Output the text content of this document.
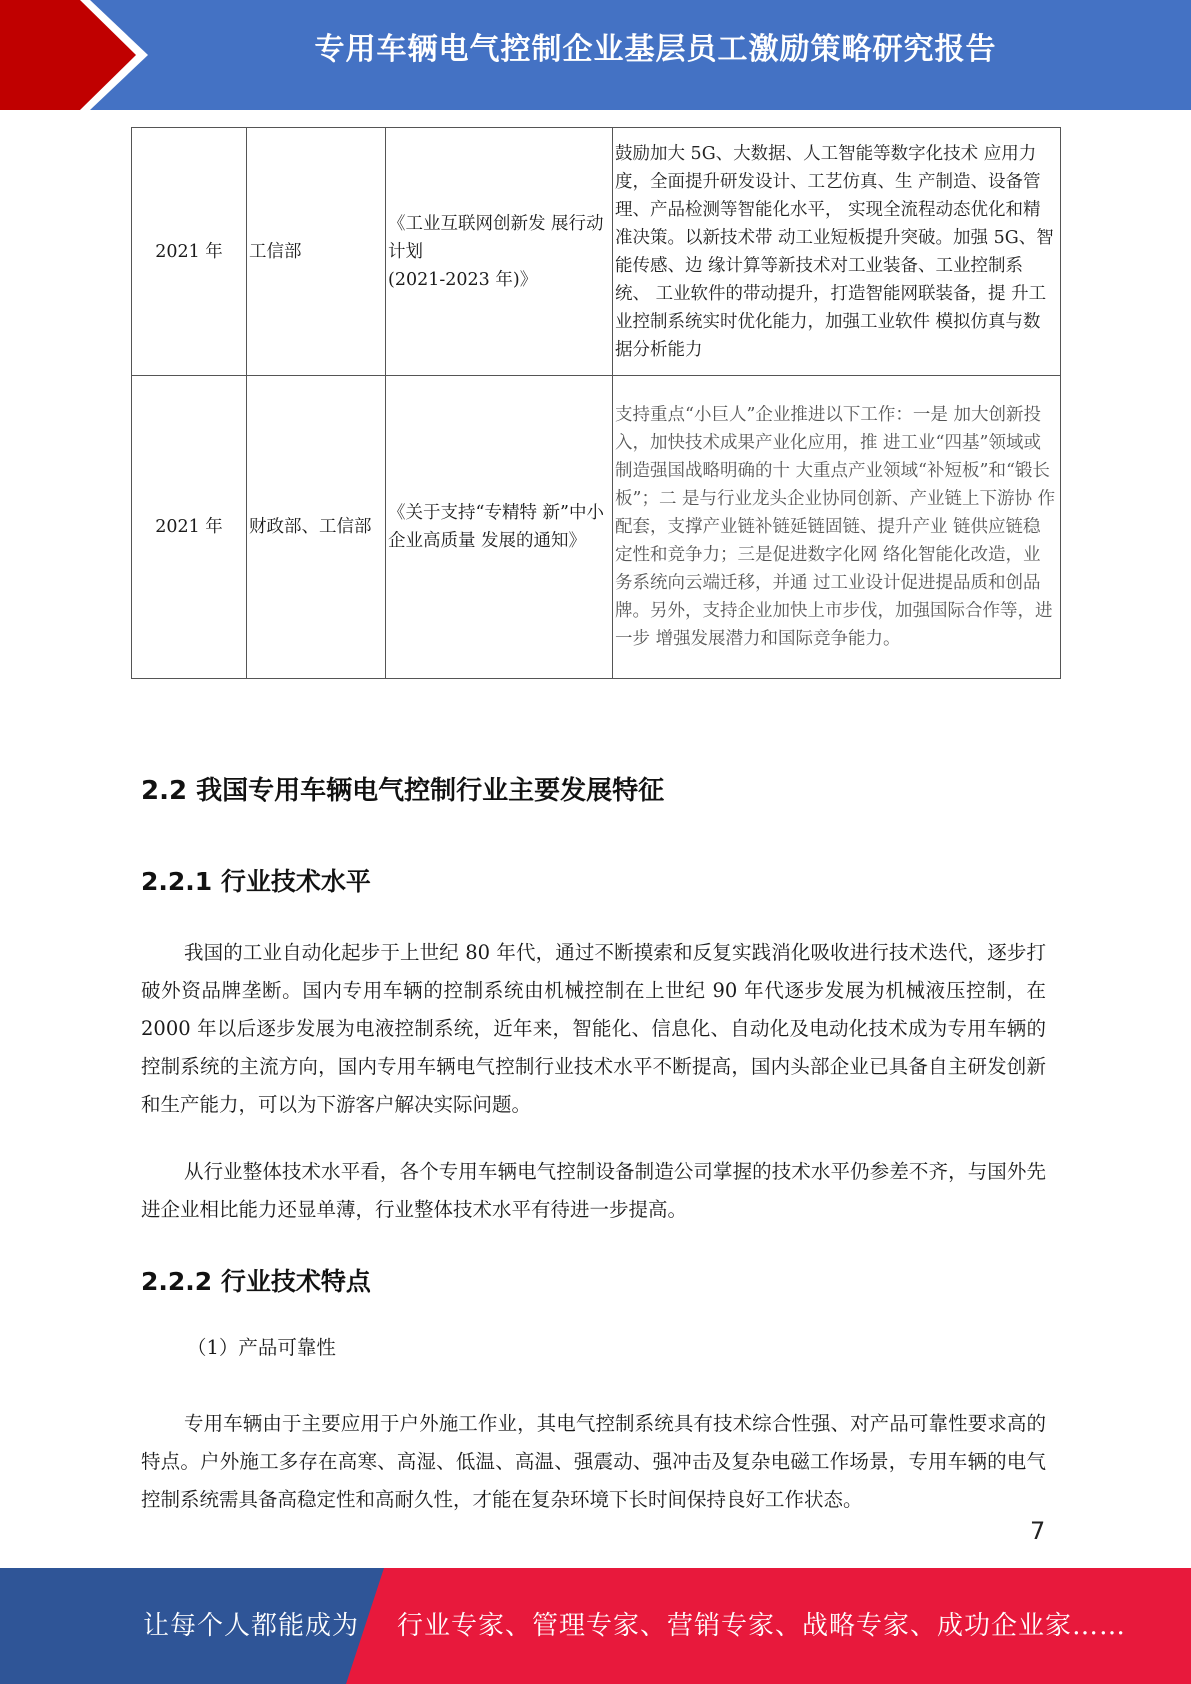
专用车辆电气控制企业基层员工激励策略研究报告
2021 年	工信部	《工业互联网创新发 展行动计划
(2021-2023 年)》	鼓励加大 5G、大数据、人工智能等数字化技术 应用力度，全面提升研发设计、工艺仿真、生 产制造、设备管理、产品检测等智能化水平， 实现全流程动态优化和精准决策。以新技术带 动工业短板提升突破。加强 5G、智能传感、边 缘计算等新技术对工业装备、工业控制系统、 工业软件的带动提升，打造智能网联装备，提 升工业控制系统实时优化能力，加强工业软件 模拟仿真与数据分析能力
2021 年	财政部、工信部	《关于支持“专精特 新”中小企业高质量 发展的通知》	支持重点“小巨人”企业推进以下工作：一是 加大创新投入，加快技术成果产业化应用，推 进工业“四基”领域或制造强国战略明确的十 大重点产业领域“补短板”和“锻长板”；二 是与行业龙头企业协同创新、产业链上下游协 作配套，支撑产业链补链延链固链、提升产业 链供应链稳定性和竞争力；三是促进数字化网 络化智能化改造，业务系统向云端迁移，并通 过工业设计促进提品质和创品牌。另外，支持企业加快上市步伐，加强国际合作等，进一步 增强发展潜力和国际竞争能力。
2.2 我国专用车辆电气控制行业主要发展特征
2.2.1 行业技术水平

我国的工业自动化起步于上世纪 80 年代，通过不断摸索和反复实践消化吸收进行技术迭代，逐步打破外资品牌垄断。国内专用车辆的控制系统由机械控制在上世纪 90 年代逐步发展为机械液压控制，在 2000 年以后逐步发展为电液控制系统，近年来，智能化、信息化、自动化及电动化技术成为专用车辆的控制系统的主流方向，国内专用车辆电气控制行业技术水平不断提高，国内头部企业已具备自主研发创新和生产能力，可以为下游客户解决实际问题。

从行业整体技术水平看，各个专用车辆电气控制设备制造公司掌握的技术水平仍参差不齐，与国外先进企业相比能力还显单薄，行业整体技术水平有待进一步提高。

2.2.2 行业技术特点

（1）产品可靠性

专用车辆由于主要应用于户外施工作业，其电气控制系统具有技术综合性强、对产品可靠性要求高的特点。户外施工多存在高寒、高湿、低温、高温、强震动、强冲击及复杂电磁工作场景，专用车辆的电气控制系统需具备高稳定性和高耐久性，才能在复杂环境下长时间保持良好工作状态。

7
让每个人都能成为 行业专家、管理专家、营销专家、战略专家、成功企业家……
